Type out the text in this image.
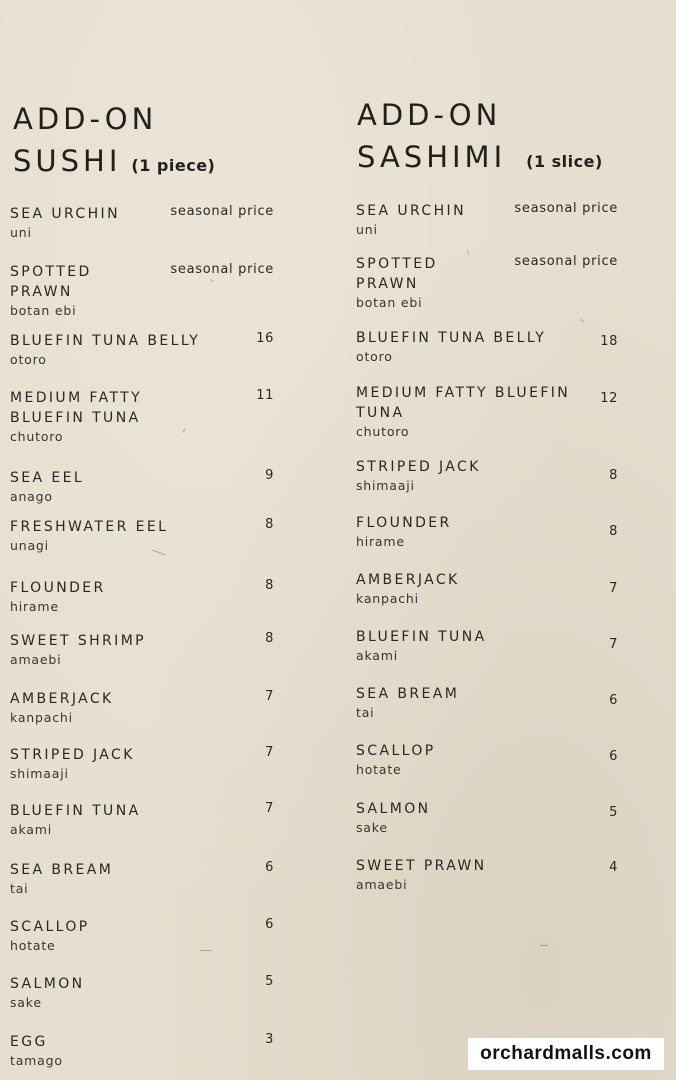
ADD-ON
SUSHI (1 piece)
SEA URCHIN
uni
seasonal price
SPOTTED PRAWN
botan ebi
seasonal price
BLUEFIN TUNA BELLY
otoro
16
MEDIUM FATTY BLUEFIN TUNA
chutoro
11
SEA EEL
anago
9
FRESHWATER EEL
unagi
8
FLOUNDER
hirame
8
SWEET SHRIMP
amaebi
8
AMBERJACK
kanpachi
7
STRIPED JACK
shimaaji
7
BLUEFIN TUNA
akami
7
SEA BREAM
tai
6
SCALLOP
hotate
6
SALMON
sake
5
EGG
tamago
3
ADD-ON
SASHIMI (1 slice)
SEA URCHIN
uni
seasonal price
SPOTTED PRAWN
botan ebi
seasonal price
BLUEFIN TUNA BELLY
otoro
18
MEDIUM FATTY BLUEFIN TUNA
chutoro
12
STRIPED JACK
shimaaji
8
FLOUNDER
hirame
8
AMBERJACK
kanpachi
7
BLUEFIN TUNA
akami
7
SEA BREAM
tai
6
SCALLOP
hotate
6
SALMON
sake
5
SWEET PRAWN
amaebi
4
orchardmalls.com
